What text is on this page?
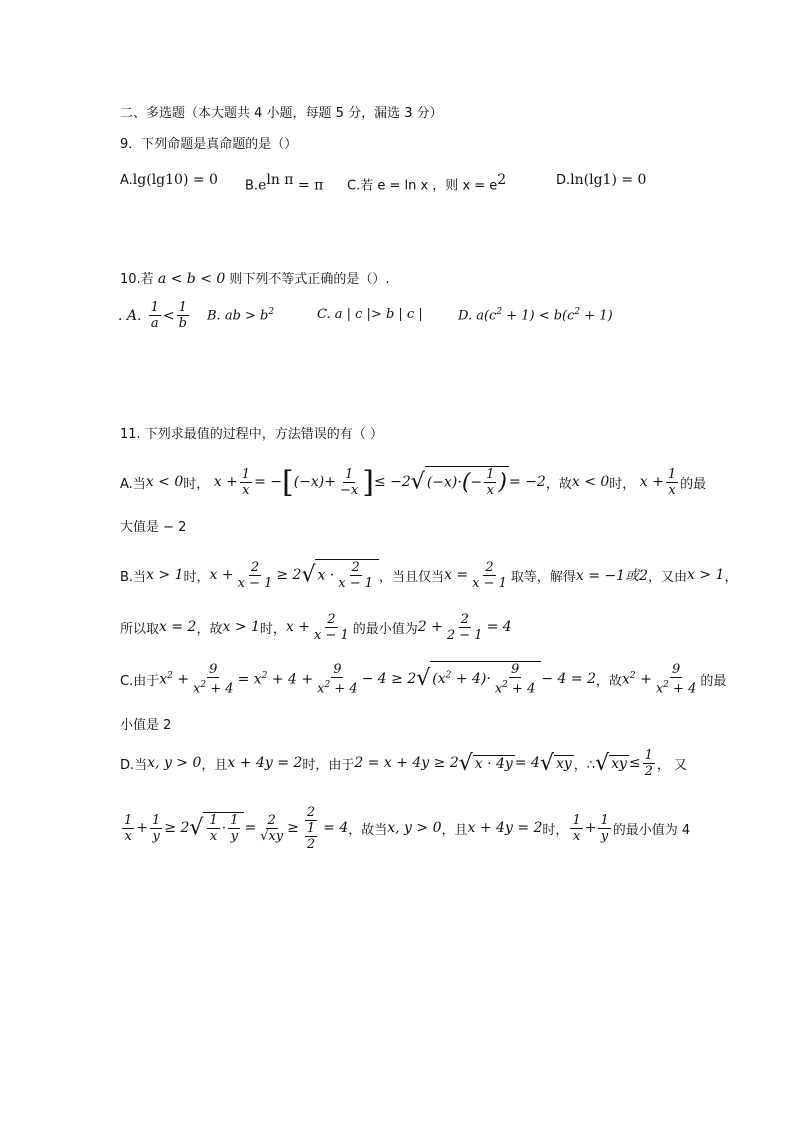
二、多选题（本大题共 4 小题，每题 5 分，漏选 3 分）
9．下列命题是真命题的是（）
A.lg(lg10) = 0 $B.e^{ln \pi} = \pi$ C.若 e = ln x ，则 $x = e^2$	D.ln(lg1) = 0
10.若 a < b < 0 则下列不等式正确的是（）.
. A. $\frac{1}{a} < \frac{1}{b} B$. ab > $b^2$	C. a | c |> b | c |	D. $a(c^2 + 1) < b(c^2 + 1)$
11. 下列求最值的过程中，方法错误的有（ ）
A.当 x < 0 时， $x + \frac{1}{x}$ = − [ $(-x)+ \frac{1}{-x}$ ] ≤ −2 √ $(-x)\cdot(- \frac{1}{x}$ ) = −2 ，故 x < 0 时， $x + \frac{1}{x}$ 的最
大值是 − 2
B.当 x > 1 时， $x + \frac{2}{x - 1} \ge 2$ √ $x \cdot \frac{2}{x - 1}$ ，当且仅当 $x = \frac{2}{x - 1}$ 取等，解得 x = −1或2 ，又由 x > 1 ，
所以取 x = 2 ，故 x > 1 时， $x + \frac{2}{x - 1}$ 的最小值为 $2 + \frac{2}{2 - 1} = 4$
C.由于 $x^2 + \frac{9}{x^2 + 4} = x^2 + 4 + \frac{9}{x^2 + 4} - 4 \ge 2$ √ $(x^2 + 4)\cdot \frac{9}{x^2 + 4} - 4 = 2$ ，故 $x^2 + \frac{9}{x^2 + 4}$ 的最
小值是 2
D.当 x, y > 0 ，且 x + 4y = 2 时，由于 2 = x + 4y ≥ 2 √ x · 4y = 4 √ xy ，∴ √ xy ≤ $\frac{1}{2}$ ， 又
$\frac{1}{x} + \frac{1}{y} \ge 2$ √ $\frac{1}{x} \cdot \frac{1}{y} = \frac{2}{√xy} \ge \frac{2}{\frac{1}{2}} = 4$ ，故当 x, y > 0 ，且 x + 4y = 2 时， $\frac{1}{x} + \frac{1}{y}$ 的最小值为 4
